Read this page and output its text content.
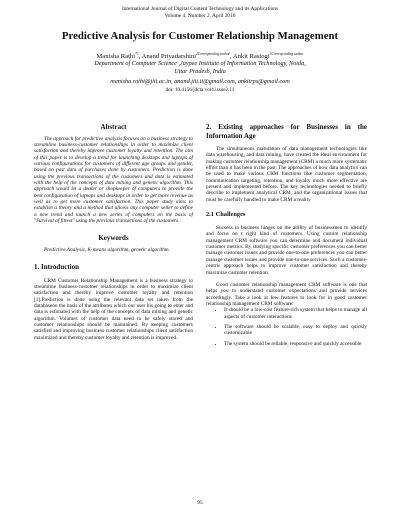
International Journal of Digital Content Technology and its Applications
Volume 4, Number 2, April 2010
Predictive Analysis for Customer Relationship Management
Manisha Rathi$^{*1}$, Anand Priyadarshini$^{2Corresponding author}$, Ankit Rastogi$^{3Corresponding author}$
Department of Computer Science ,Jaypee Institute of Information Technology, Noida,
Uttar Pradesh, India
manisha.rathi@jiit.ac.in, anand.jiit.it@gmail.com, ankitrps@gmail.com
doi: 10.4156/jdcta.vol4.issue2.11
Abstract

The approach for predictive analysis focuses on a business strategy to streamline business-customer relationships in order to maximize client satisfaction and thereby improve customer loyalty and retention. The aim of this paper is to develop a trend for launching desktops and laptops of various configurations for customers of different age groups and gender, based on past data of purchases done by customers. Prediction is done using the previous transactions of the customers and data is estimated with the help of the concepts of data mining and genetic algorithm. This approach would let a dealer or shopkeeper of computers to provide the best configuration of laptops and desktops in order to get more revenue as well as to get more customer satisfaction. This paper study aims to establish a theory and a method that allows any computer seller to define a new trend and launch a new series of computers on the basis of "Survival of fittest" using the previous transactions of the customers.

Keywords

Predictive Analysis, K-means algorithm, genetic algorithm.

1. Introduction

CRM Customer Relationship Management is a business strategy to streamline business-customer relationships in order to maximize client satisfaction and thereby improve customer loyalty and retention [1].Prediction is done using the relevant data set taken from the databaseon the basis of the attributes which our user his going to enter and data is estimated with the help of the concepts of data mining and genetic algorithm. Volumes of customer data need to be safely stored and customer relationships should be maintained. By keeping customers satisfied and improving business customer relationships client satisfaction maximized and thereby customer loyalty and retention is improved.

2. Existing approaches for Businesses in the Information Age

The simultaneous maturation of data management technologies like data warehousing, and data mining, have created the ideal environment for making customer relationship management (CRM) a much more systematic effort than it has been in the past. The approaches of how data analytics can be used to make various CRM functions like customer segmentation, communication targeting, retention, and loyalty much more effective are present and implemented before. The key technologies needed to briefly describe to implement analytical CRM, and the organizational issues that must be carefully handled to make CRM a reality

2.1 Challenges

Success in business hinges on the ability of businessmen to identify and focus on t right kind of customers. Using custom relationship management CRM software you can determine and document individual customer metrics. By studying specific customer preferences you can better manage customer issues and provide one-to-one preferences you can better manage customer issues and provide one-to-one services. Such a customer-centric approach helps to improve customer satisfaction and thereby maximize customer retention.

Good customer relationship management CRM software is one that helps you to understand customer expectations and provide services accordingly. Take a look at few features to look for in good customer relationship management CRM software:

• It should be a low-cost feature-rich system that helps to manage all aspects of customer interactions
• The software should be scalable, easy to deploy and quickly customizable
• The system should be reliable, responsive and quickly accessible
95
